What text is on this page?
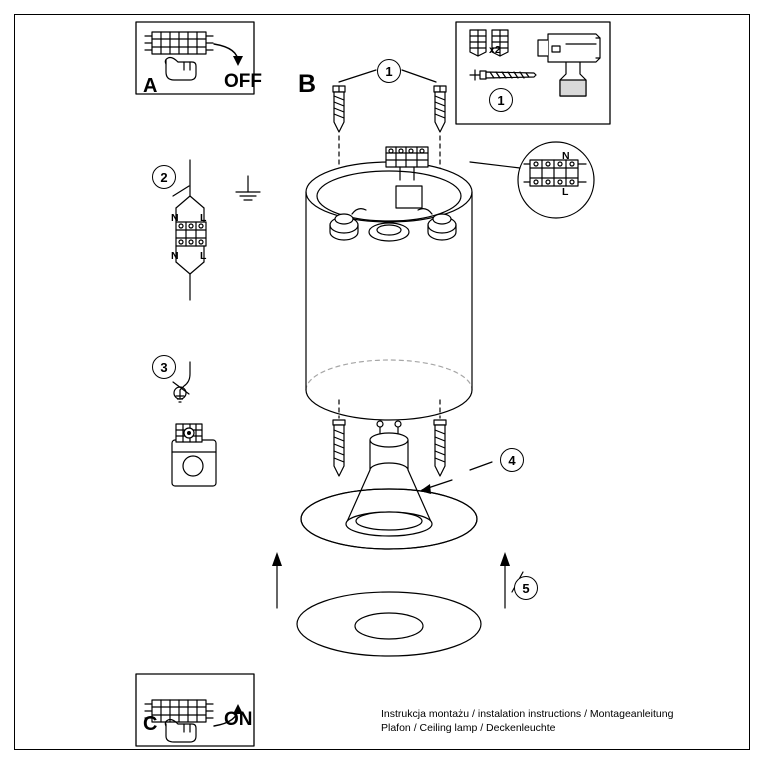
A	OFF B
C	ON
1
1
2
3
4
5
x2
N L
N L
N
L
Instrukcja montażu / instalation instructions / Montageanleitung
Plafon / Ceiling lamp / Deckenleuchte
